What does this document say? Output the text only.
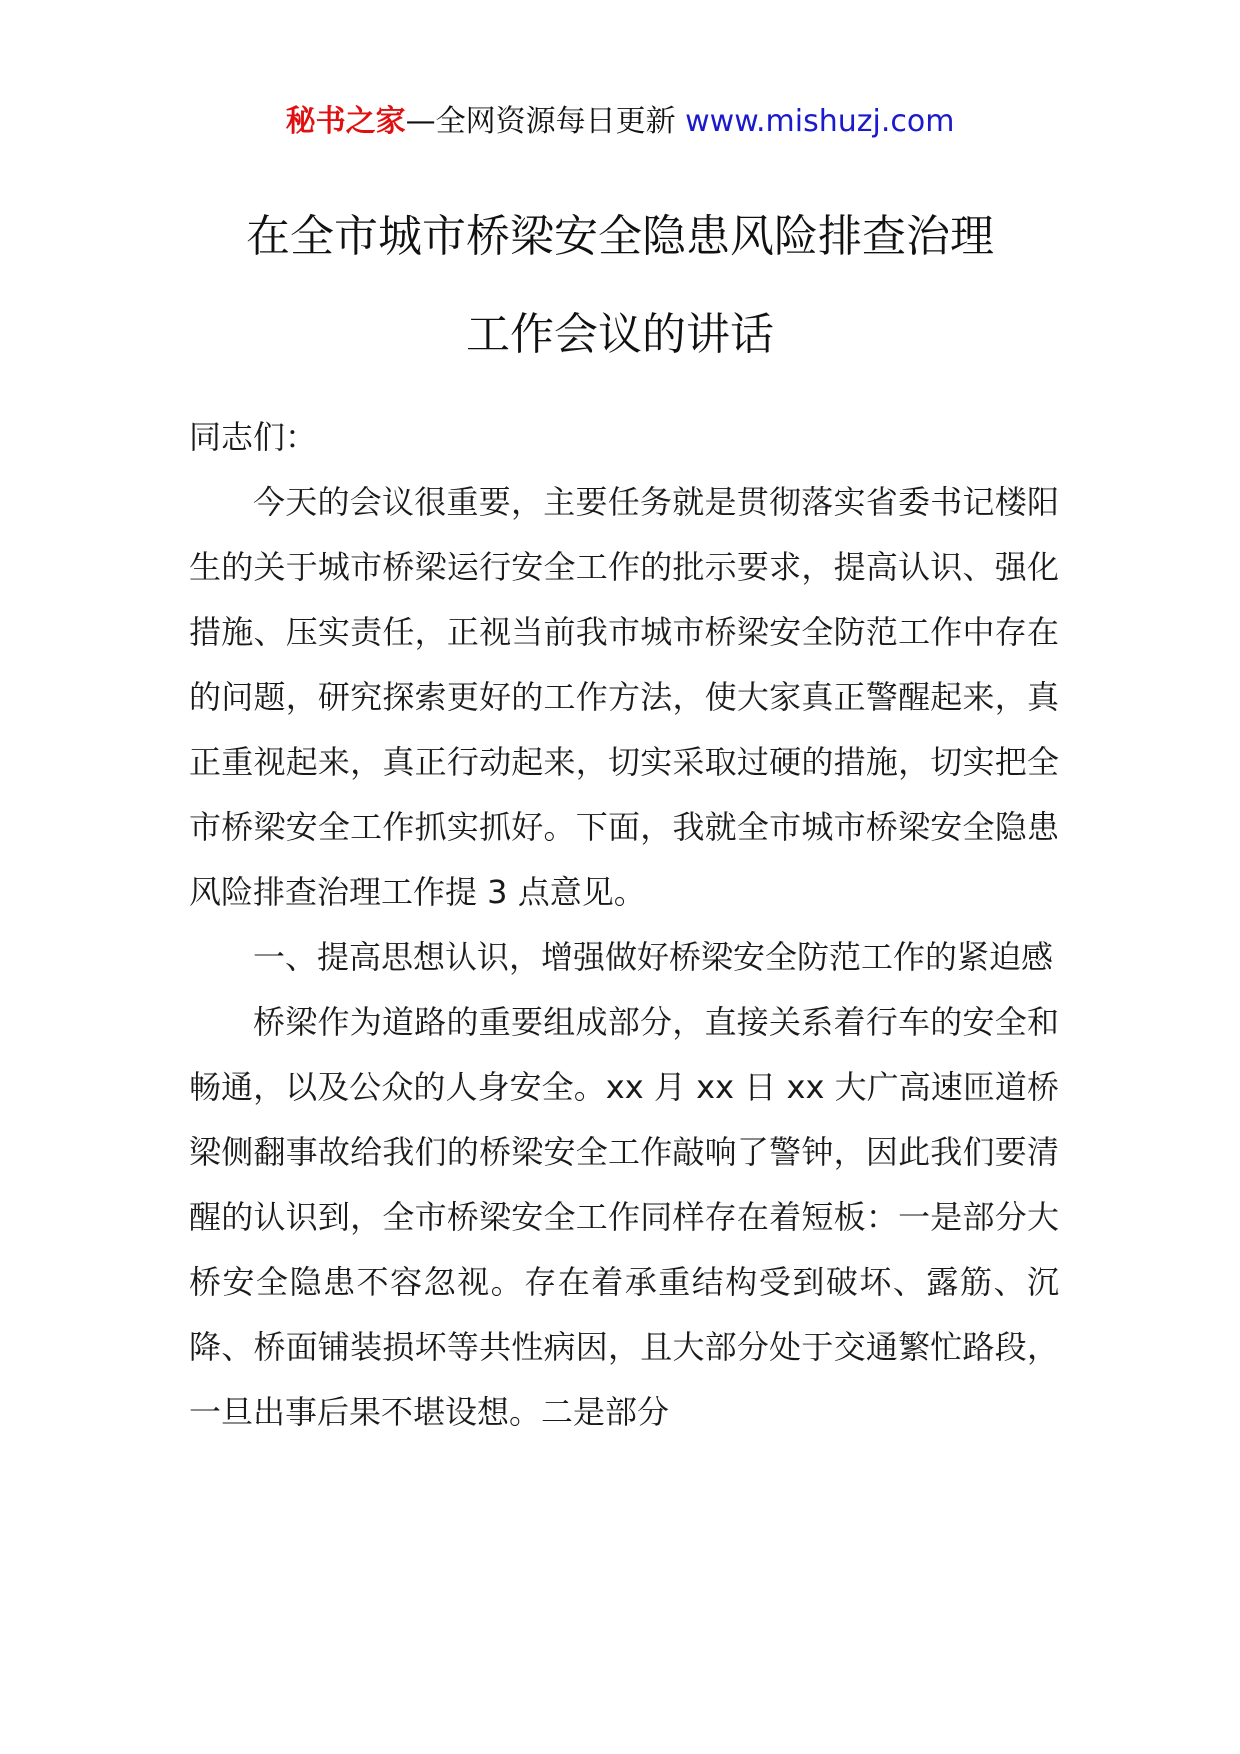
秘书之家—全网资源每日更新 www.mishuzj.com
在全市城市桥梁安全隐患风险排查治理
工作会议的讲话

同志们：

今天的会议很重要，主要任务就是贯彻落实省委书记楼阳生的关于城市桥梁运行安全工作的批示要求，提高认识、强化措施、压实责任，正视当前我市城市桥梁安全防范工作中存在的问题，研究探索更好的工作方法，使大家真正警醒起来，真正重视起来，真正行动起来，切实采取过硬的措施，切实把全市桥梁安全工作抓实抓好。下面，我就全市城市桥梁安全隐患风险排查治理工作提 3 点意见。

一、提高思想认识，增强做好桥梁安全防范工作的紧迫感

桥梁作为道路的重要组成部分，直接关系着行车的安全和畅通，以及公众的人身安全。xx 月 xx 日 xx 大广高速匝道桥梁侧翻事故给我们的桥梁安全工作敲响了警钟，因此我们要清醒的认识到，全市桥梁安全工作同样存在着短板：一是部分大桥安全隐患不容忽视。存在着承重结构受到破坏、露筋、沉降、桥面铺装损坏等共性病因，且大部分处于交通繁忙路段，一旦出事后果不堪设想。二是部分
